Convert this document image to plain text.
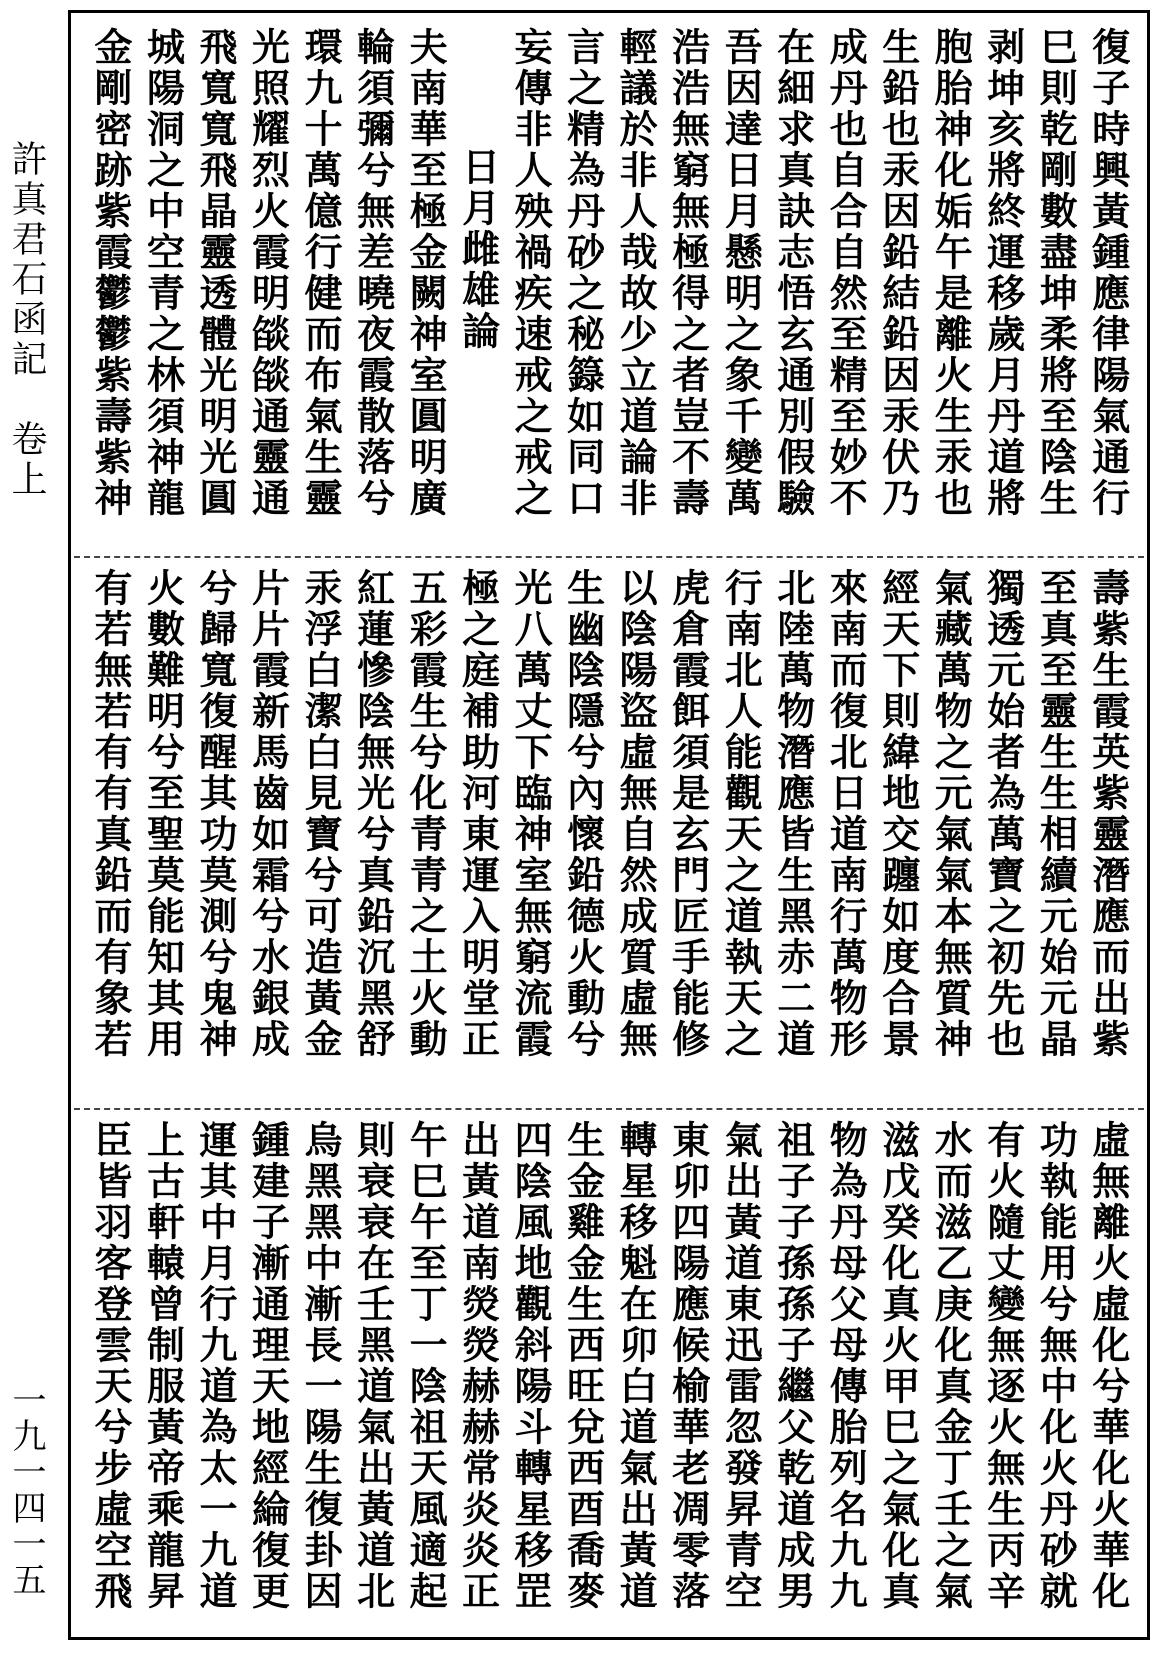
許真君石函記　卷上
一九一四一五
復子時興黃鍾應律陽氣通行
巳則乾剛數盡坤柔將至陰生
剥坤亥將終運移歲月丹道將
胞胎神化姤午是離火生汞也
生鉛也汞因鉛結鉛因汞伏乃
成丹也自合自然至精至妙不
在細求真訣志悟玄通別假驗
吾因達日月懸明之象千變萬
浩浩無窮無極得之者豈不壽
輕議於非人哉故少立道論非
言之精為丹砂之秘籙如同口
妄傳非人殃禍疾速戒之戒之
日月雌雄論
夫南華至極金闕神室圓明廣
輪須彌兮無差曉夜霞散落兮
環九十萬億行健而布氣生靈
光照耀烈火霞明燄燄通靈通
飛寬寬飛晶靈透體光明光圓
城陽洞之中空青之林須神龍
金剛密跡紫霞鬱鬱紫壽紫神
壽紫生霞英紫靈潛應而出紫
至真至靈生生相續元始元晶
獨透元始者為萬寶之初先也
氣藏萬物之元氣氣本無質神
經天下則緯地交躔如度合景
來南而復北日道南行萬物形
北陸萬物潛應皆生黑赤二道
行南北人能觀天之道執天之
虎倉霞餌須是玄門匠手能修
以陰陽盜虛無自然成質虛無
生幽陰隱兮內懷鉛德火動兮
光八萬丈下臨神室無窮流霞
極之庭補助河東運入明堂正
五彩霞生兮化青青之土火動
紅蓮慘陰無光兮真鉛沉黑舒
汞浮白潔白見寶兮可造黃金
片片霞新馬齒如霜兮水銀成
兮歸寬復醒其功莫測兮鬼神
火數難明兮至聖莫能知其用
有若無若有有真鉛而有象若
虛無離火虛化兮華化火華化
功執能用兮無中化火丹砂就
有火隨丈變無逐火無生丙辛
水而滋乙庚化真金丁壬之氣
滋戊癸化真火甲巳之氣化真
物為丹母父母傳胎列名九九
祖子子孫孫子繼父乾道成男
氣出黃道東迅雷忽發昇青空
東卯四陽應候榆華老凋零落
轉星移魁在卯白道氣出黃道
生金雞金生西旺兌西酉喬麥
四陰風地觀斜陽斗轉星移罡
出黃道南熒熒赫赫常炎炎正
午巳午至丁一陰祖天風適起
則衰衰在壬黑道氣出黃道北
烏黑黑中漸長一陽生復卦因
鍾建子漸通理天地經綸復更
運其中月行九道為太一九道
上古軒轅曾制服黃帝乘龍昇
臣皆羽客登雲天兮步虛空飛
